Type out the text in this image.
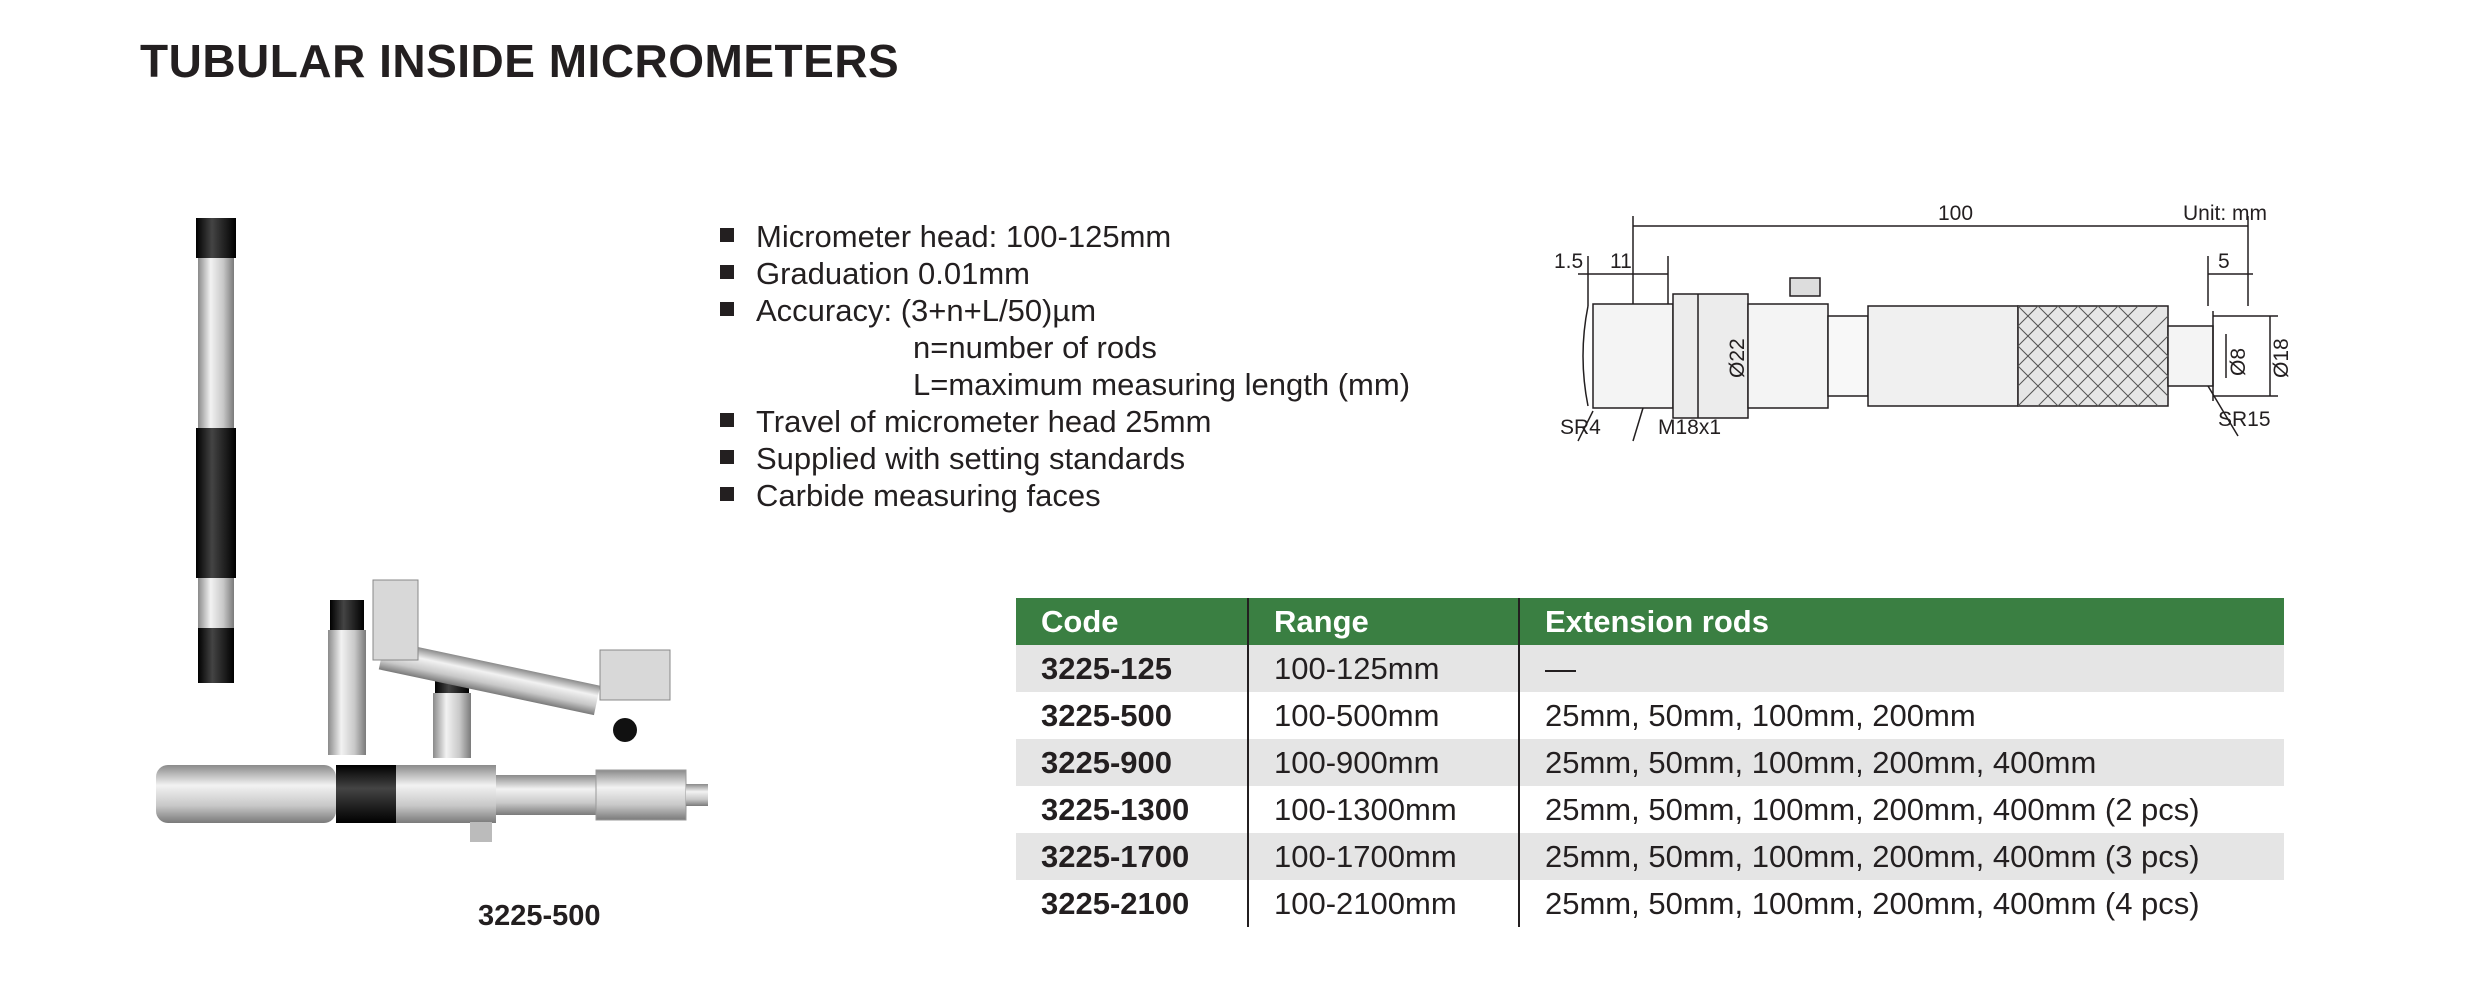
TUBULAR INSIDE MICROMETERS
3225-500
Micrometer head: 100-125mm
Graduation 0.01mm
Accuracy: (3+n+L/50)µm
n=number of rods
L=maximum measuring length (mm)
Travel of micrometer head 25mm
Supplied with setting standards
Carbide measuring faces
Unit: mm
100
1.5 11	5
Ø22	Ø8 Ø18
SR4	M18x1	SR15
Code	Range	Extension rods
3225-125	100-125mm	—
3225-500	100-500mm	25mm, 50mm, 100mm, 200mm
3225-900	100-900mm	25mm, 50mm, 100mm, 200mm, 400mm
3225-1300	100-1300mm	25mm, 50mm, 100mm, 200mm, 400mm (2 pcs)
3225-1700	100-1700mm	25mm, 50mm, 100mm, 200mm, 400mm (3 pcs)
3225-2100	100-2100mm	25mm, 50mm, 100mm, 200mm, 400mm (4 pcs)
